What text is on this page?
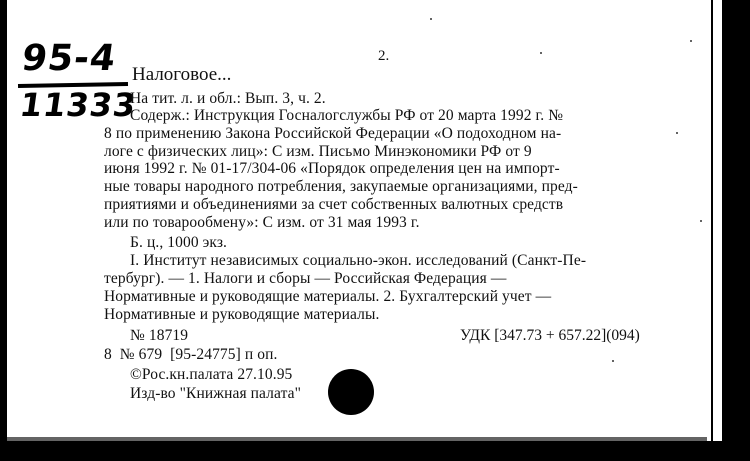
95-4
11333
2.
Налоговое...
На тит. л. и обл.: Вып. 3, ч. 2.
Содерж.: Инструкция Госналогслужбы РФ от 20 марта 1992 г. №
8 по применению Закона Российской Федерации «О подоходном на-
логе с физических лиц»: С изм. Письмо Минэкономики РФ от 9
июня 1992 г. № 01-17/304-06 «Порядок определения цен на импорт-
ные товары народного потребления, закупаемые организациями, пред-
приятиями и объединениями за счет собственных валютных средств
или по товарообмену»: С изм. от 31 мая 1993 г.
Б. ц., 1000 экз.
I. Институт независимых социально-экон. исследований (Санкт-Пе-
тербург). — 1. Налоги и сборы — Российская Федерация —
Нормативные и руководящие материалы. 2. Бухгалтерский учет —
Нормативные и руководящие материалы.
№ 18719	УДК [347.73 + 657.22](094)
8  № 679  [95-24775] п оп.
©Рос.кн.палата 27.10.95
Изд-во "Книжная палата"
